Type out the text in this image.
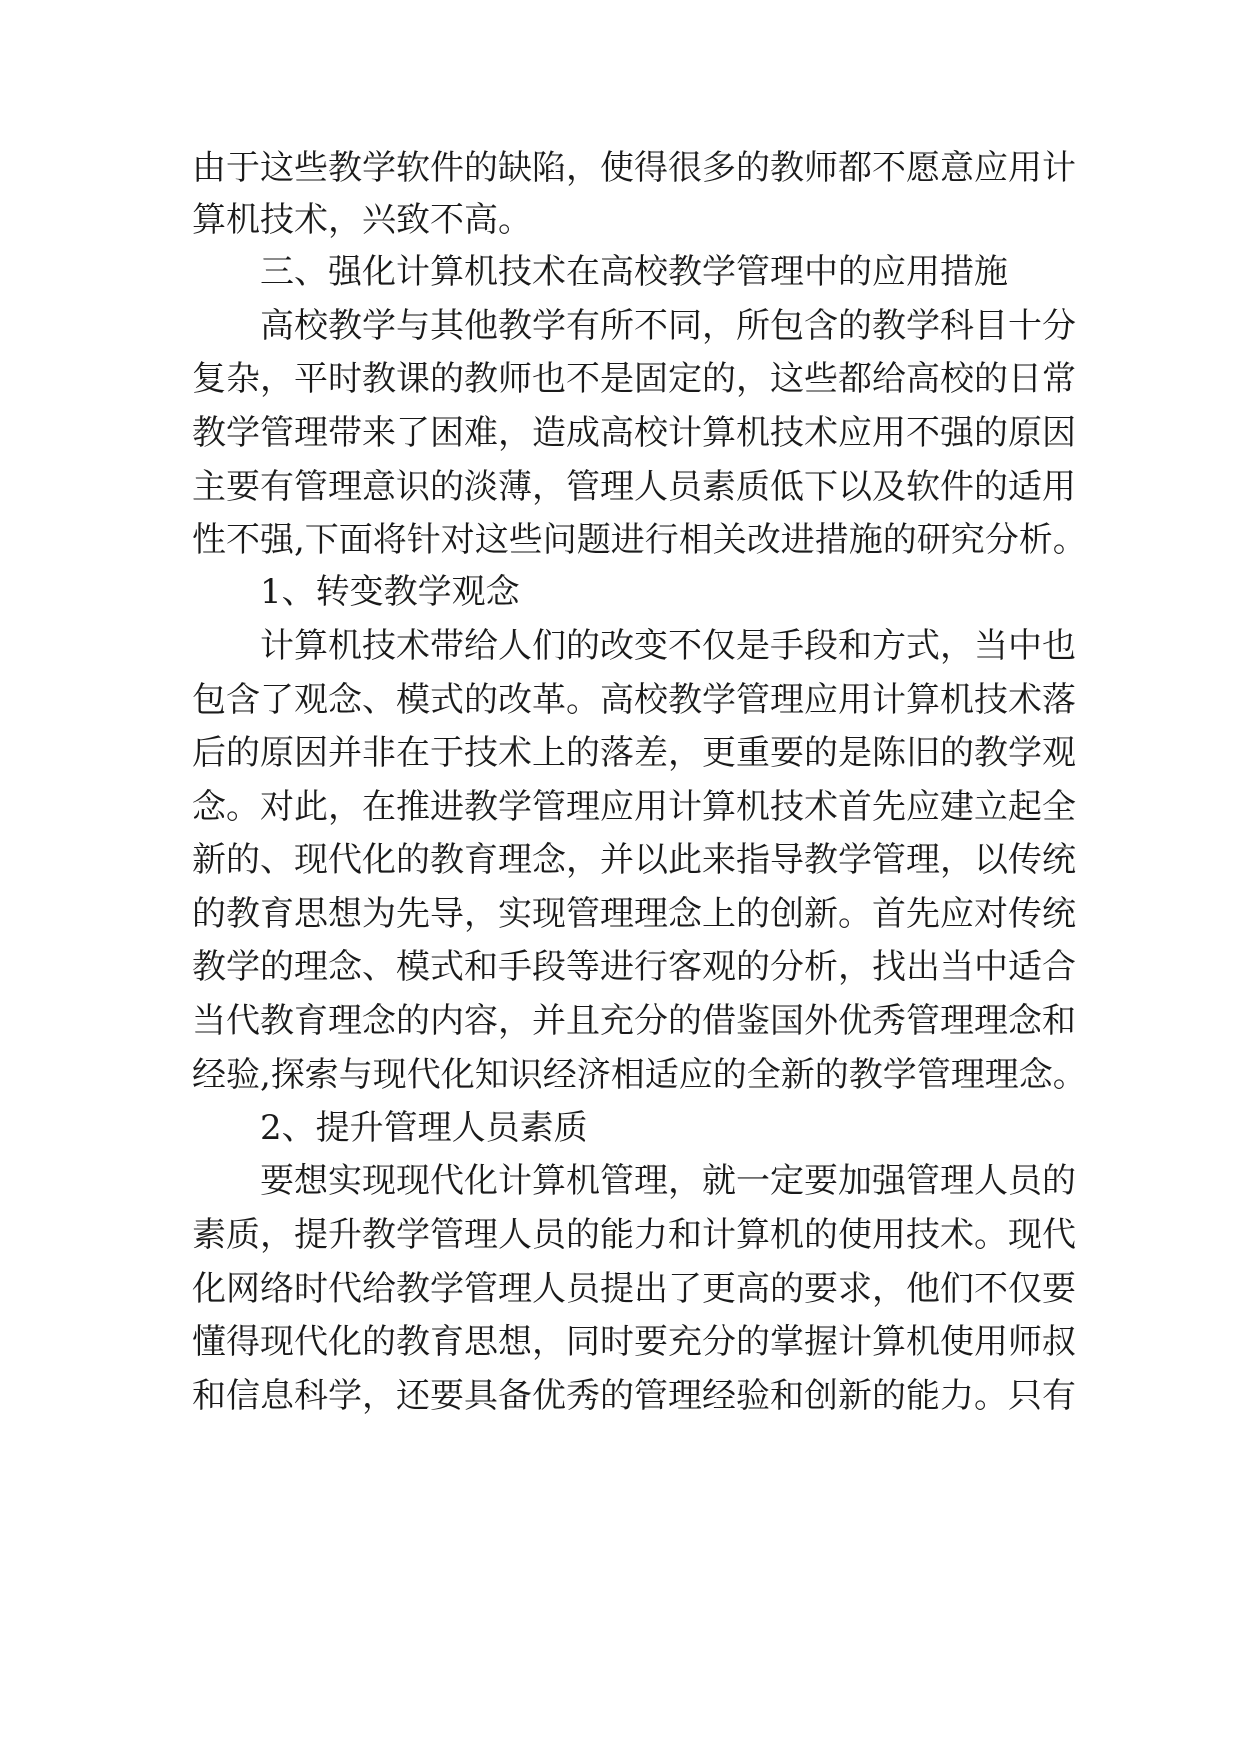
由于这些教学软件的缺陷，使得很多的教师都不愿意应用计
算机技术，兴致不高。
三、强化计算机技术在高校教学管理中的应用措施
高校教学与其他教学有所不同，所包含的教学科目十分
复杂，平时教课的教师也不是固定的，这些都给高校的日常
教学管理带来了困难，造成高校计算机技术应用不强的原因
主要有管理意识的淡薄，管理人员素质低下以及软件的适用
性不强,下面将针对这些问题进行相关改进措施的研究分析。
1、转变教学观念
计算机技术带给人们的改变不仅是手段和方式，当中也
包含了观念、模式的改革。高校教学管理应用计算机技术落
后的原因并非在于技术上的落差，更重要的是陈旧的教学观
念。对此，在推进教学管理应用计算机技术首先应建立起全
新的、现代化的教育理念，并以此来指导教学管理，以传统
的教育思想为先导，实现管理理念上的创新。首先应对传统
教学的理念、模式和手段等进行客观的分析，找出当中适合
当代教育理念的内容，并且充分的借鉴国外优秀管理理念和
经验,探索与现代化知识经济相适应的全新的教学管理理念。
2、提升管理人员素质
要想实现现代化计算机管理，就一定要加强管理人员的
素质，提升教学管理人员的能力和计算机的使用技术。现代
化网络时代给教学管理人员提出了更高的要求，他们不仅要
懂得现代化的教育思想，同时要充分的掌握计算机使用师叔
和信息科学，还要具备优秀的管理经验和创新的能力。只有
